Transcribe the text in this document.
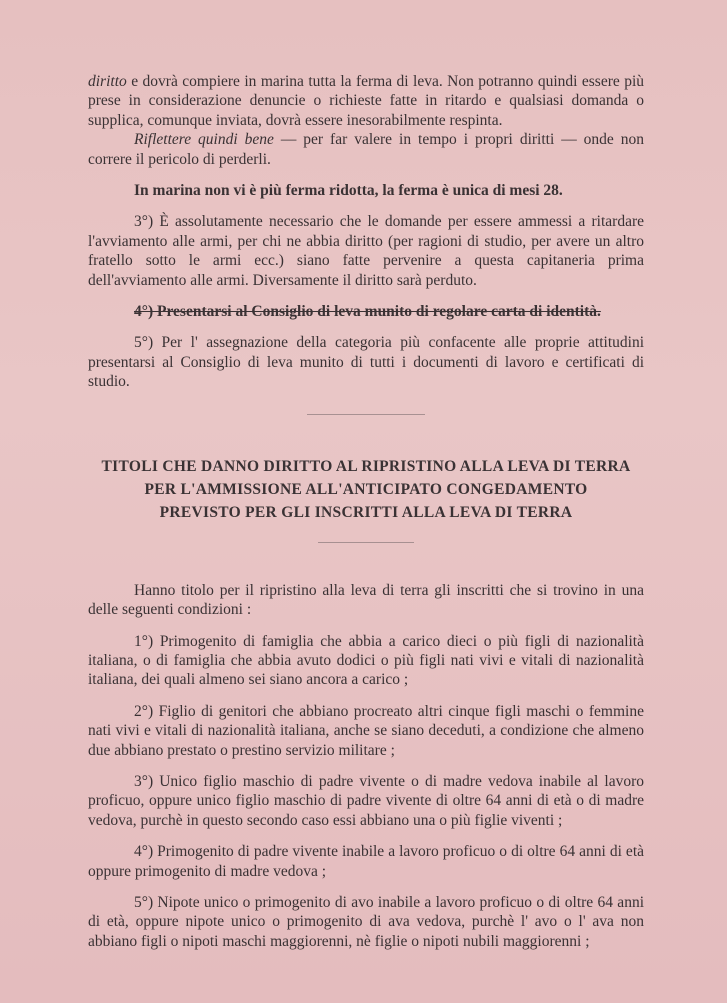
diritto e dovrà compiere in marina tutta la ferma di leva. Non potranno quindi essere più prese in considerazione denuncie o richieste fatte in ritardo e qualsiasi domanda o supplica, comunque inviata, dovrà essere inesorabilmente respinta.

Riflettere quindi bene — per far valere in tempo i propri diritti — onde non correre il pericolo di perderli.

In marina non vi è più ferma ridotta, la ferma è unica di mesi 28.

3°) È assolutamente necessario che le domande per essere ammessi a ritardare l'avviamento alle armi, per chi ne abbia diritto (per ragioni di studio, per avere un altro fratello sotto le armi ecc.) siano fatte pervenire a questa capitaneria prima dell'avviamento alle armi. Diversamente il diritto sarà perduto.

4°) Presentarsi al Consiglio di leva munito di regolare carta di identità.

5°) Per l' assegnazione della categoria più confacente alle proprie attitudini presentarsi al Consiglio di leva munito di tutti i documenti di lavoro e certificati di studio.

TITOLI CHE DANNO DIRITTO AL RIPRISTINO ALLA LEVA DI TERRA

PER L'AMMISSIONE ALL'ANTICIPATO CONGEDAMENTO

PREVISTO PER GLI INSCRITTI ALLA LEVA DI TERRA

Hanno titolo per il ripristino alla leva di terra gli inscritti che si trovino in una delle seguenti condizioni :

1°) Primogenito di famiglia che abbia a carico dieci o più figli di nazionalità italiana, o di famiglia che abbia avuto dodici o più figli nati vivi e vitali di nazionalità italiana, dei quali almeno sei siano ancora a carico ;

2°) Figlio di genitori che abbiano procreato altri cinque figli maschi o femmine nati vivi e vitali di nazionalità italiana, anche se siano deceduti, a condizione che almeno due abbiano prestato o prestino servizio militare ;

3°) Unico figlio maschio di padre vivente o di madre vedova inabile al lavoro proficuo, oppure unico figlio maschio di padre vivente di oltre 64 anni di età o di madre vedova, purchè in questo secondo caso essi abbiano una o più figlie viventi ;

4°) Primogenito di padre vivente inabile a lavoro proficuo o di oltre 64 anni di età oppure primogenito di madre vedova ;

5°) Nipote unico o primogenito di avo inabile a lavoro proficuo o di oltre 64 anni di età, oppure nipote unico o primogenito di ava vedova, purchè l' avo o l' ava non abbiano figli o nipoti maschi maggiorenni, nè figlie o nipoti nubili maggiorenni ;
